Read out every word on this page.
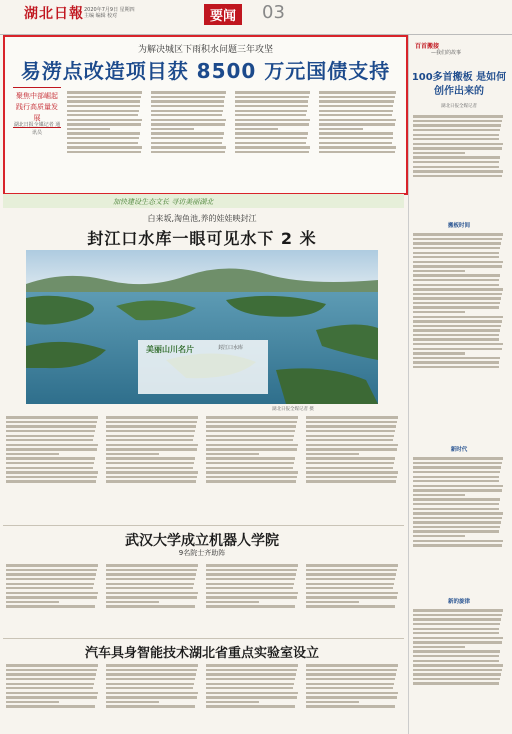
湖北日報 2020年7月9日 星期四
主编 编辑 校对	要闻	03
为解决城区下雨积水问题三年攻坚
易涝点改造项目获 8500 万元国债支持
聚焦中部崛起 践行高质量发展
湖北日报全媒记者 通讯员
百首搬接
—我们的故事
100多首搬板 是如何创作出来的
湖北日报全媒记者
搬板时间
新时代
新的旋律
加快建设生态文长 寻访美丽湖北
白来坂,淘鱼池,养的娃娃映封江
封江口水库一眼可见水下 2 米
美丽山川名片	封江口水库
湖北日报全媒记者 摄
武汉大学成立机器人学院
9名院士齐助阵
汽车具身智能技术湖北省重点实验室设立
